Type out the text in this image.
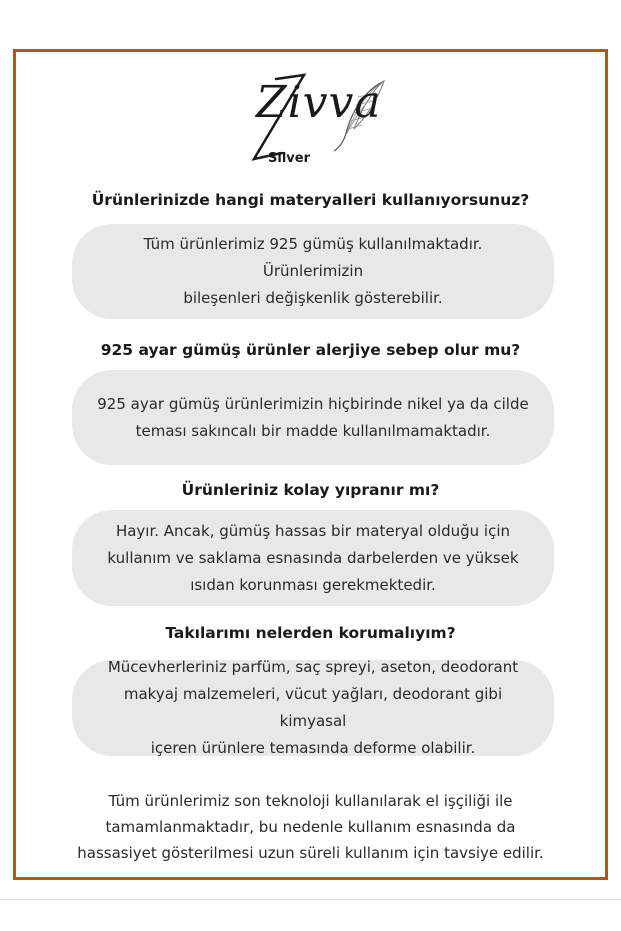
Zivva
Silver
Ürünlerinizde hangi materyalleri kullanıyorsunuz?
Tüm ürünlerimiz 925 gümüş kullanılmaktadır. Ürünlerimizin
bileşenleri değişkenlik gösterebilir.
925 ayar gümüş ürünler alerjiye sebep olur mu?
925 ayar gümüş ürünlerimizin hiçbirinde nikel ya da cilde
teması sakıncalı bir madde kullanılmamaktadır.
Ürünleriniz kolay yıpranır mı?
Hayır. Ancak, gümüş hassas bir materyal olduğu için
kullanım ve saklama esnasında darbelerden ve yüksek
ısıdan korunması gerekmektedir.
Takılarımı nelerden korumalıyım?
Mücevherleriniz parfüm, saç spreyi, aseton, deodorant
makyaj malzemeleri, vücut yağları, deodorant gibi kimyasal
içeren ürünlere temasında deforme olabilir.
Tüm ürünlerimiz son teknoloji kullanılarak el işçiliği ile
tamamlanmaktadır, bu nedenle kullanım esnasında da
hassasiyet gösterilmesi uzun süreli kullanım için tavsiye edilir.
